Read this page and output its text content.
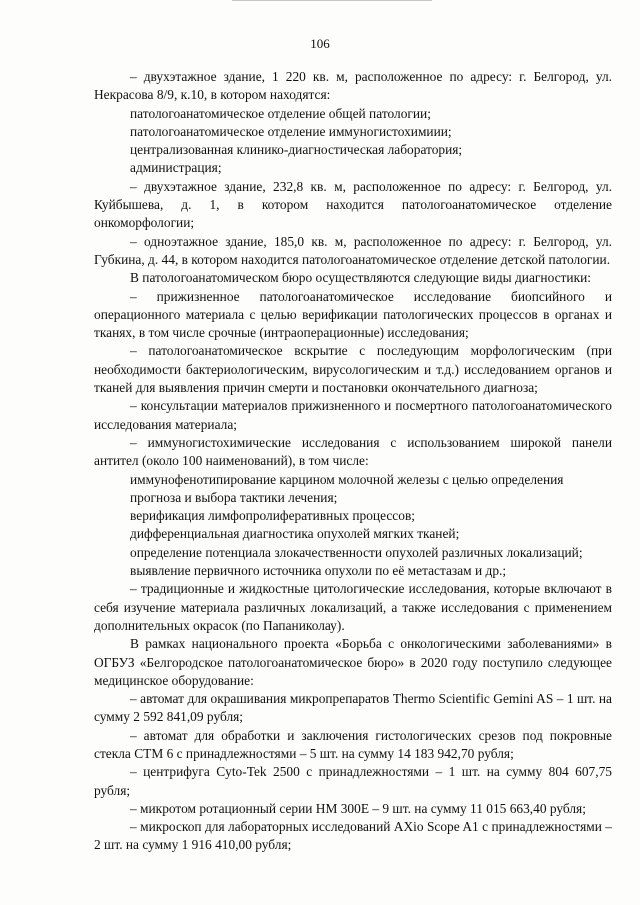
106

– двухэтажное здание, 1 220 кв. м, расположенное по адресу: г. Белгород, ул. Некрасова 8/9, к.10, в котором находятся:

патологоанатомическое отделение общей патологии;

патологоанатомическое отделение иммуногистохимиии;

централизованная клинико-диагностическая лаборатория;

администрация;

– двухэтажное здание, 232,8 кв. м, расположенное по адресу: г. Белгород, ул. Куйбышева, д. 1, в котором находится патологоанатомическое отделение онкоморфологии;

– одноэтажное здание, 185,0 кв. м, расположенное по адресу: г. Белгород, ул. Губкина, д. 44, в котором находится патологоанатомическое отделение детской патологии.

В патологоанатомическом бюро осуществляются следующие виды диагностики:

– прижизненное патологоанатомическое исследование биопсийного и операционного материала с целью верификации патологических процессов в органах и тканях, в том числе срочные (интраоперационные) исследования;

– патологоанатомическое вскрытие с последующим морфологическим (при необходимости бактериологическим, вирусологическим и т.д.) исследованием органов и тканей для выявления причин смерти и постановки окончательного диагноза;

– консультации материалов прижизненного и посмертного патологоанатомического исследования материала;

– иммуногистохимические исследования с использованием широкой панели антител (около 100 наименований), в том числе:

иммунофенотипирование карцином молочной железы с целью определения прогноза и выбора тактики лечения;

верификация лимфопролиферативных процессов;

дифференциальная диагностика опухолей мягких тканей;

определение потенциала злокачественности опухолей различных локализаций;

выявление первичного источника опухоли по её метастазам и др.;

– традиционные и жидкостные цитологические исследования, которые включают в себя изучение материала различных локализаций, а также исследования с применением дополнительных окрасок (по Папаниколау).

В рамках национального проекта «Борьба с онкологическими заболеваниями» в ОГБУЗ «Белгородское патологоанатомическое бюро» в 2020 году поступило следующее медицинское оборудование:

– автомат для окрашивания микропрепаратов Thermo Scientific Gemini AS – 1 шт. на сумму 2 592 841,09 рубля;

– автомат для обработки и заключения гистологических срезов под покровные стекла CTM 6 с принадлежностями – 5 шт. на сумму 14 183 942,70 рубля;

– центрифуга Cyto-Tek 2500 с принадлежностями – 1 шт. на сумму 804 607,75 рубля;

– микротом ротационный серии HM 300E – 9 шт. на сумму 11 015 663,40 рубля;

– микроскоп для лабораторных исследований AXio Scope A1 с принадлежностями – 2 шт. на сумму 1 916 410,00 рубля;
